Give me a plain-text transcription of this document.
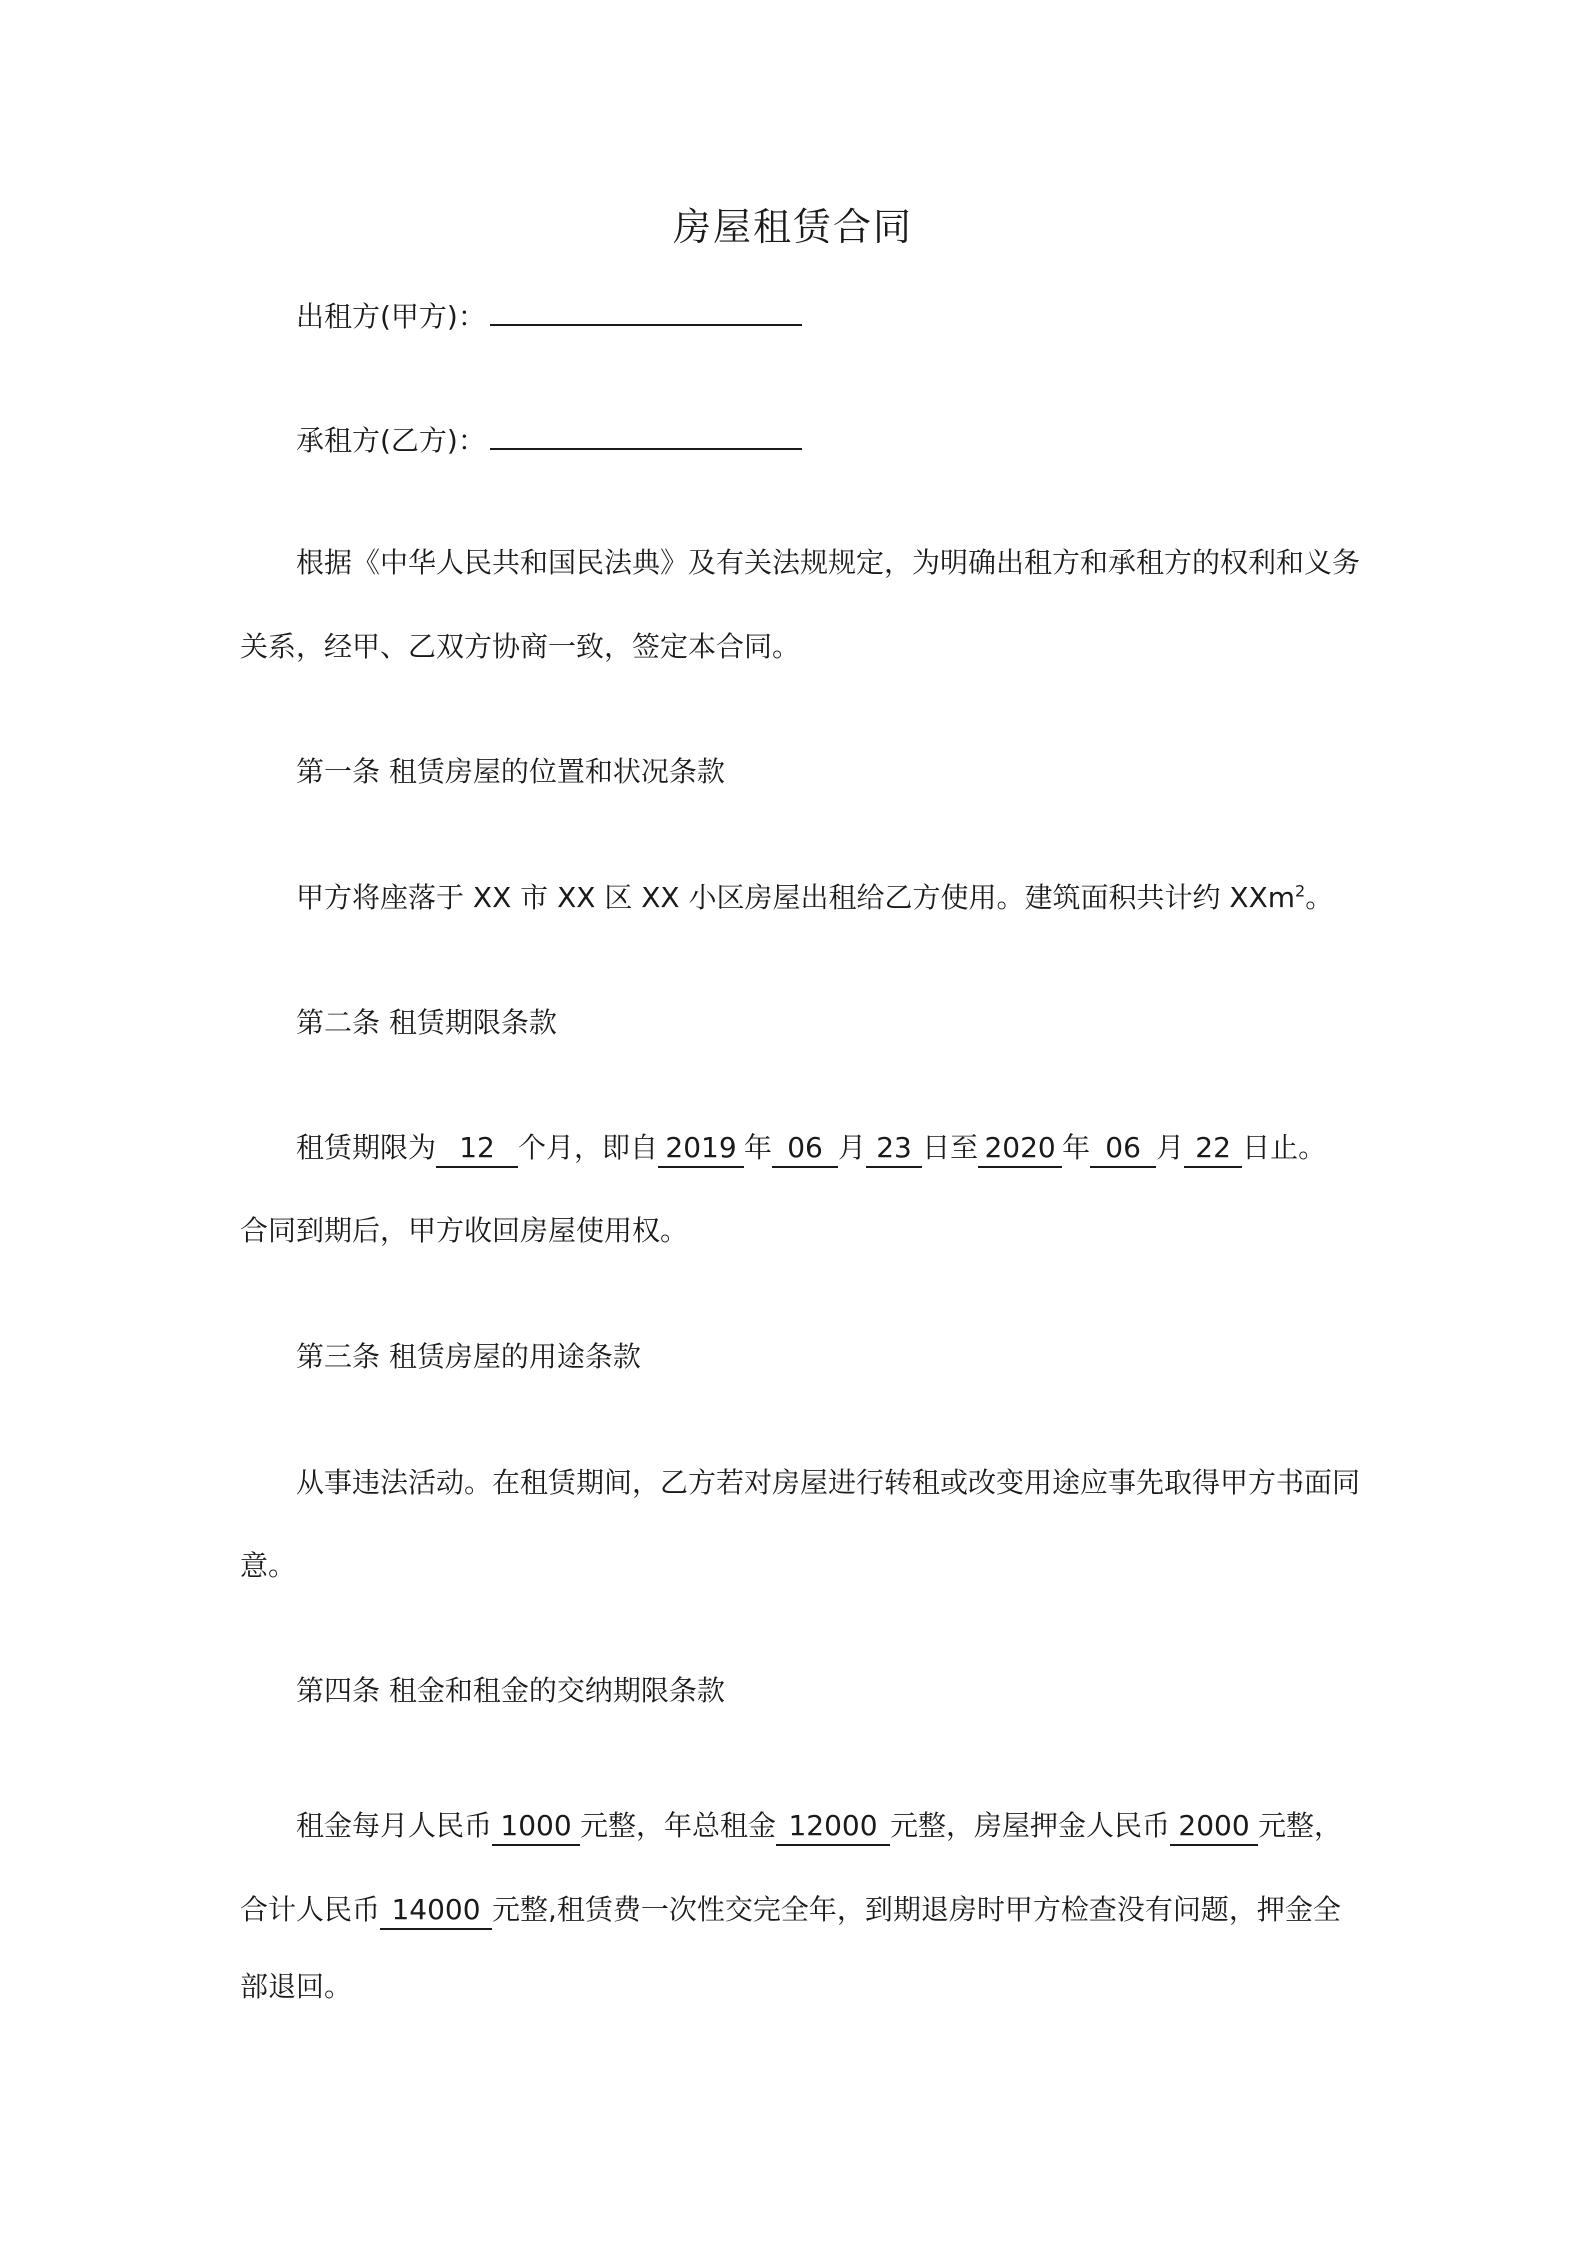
房屋租赁合同
出租方(甲方)：
承租方(乙方)：
根据《中华人民共和国民法典》及有关法规规定，为明确出租方和承租方的权利和义务
关系，经甲、乙双方协商一致，签定本合同。
第一条 租赁房屋的位置和状况条款
甲方将座落于 XX 市 XX 区 XX 小区房屋出租给乙方使用。建筑面积共计约 XXm$^2$。
第二条 租赁期限条款
租赁期限为 12 个月，即自 2019 年 06 月 23 日至 2020 年 06 月 22 日止。
合同到期后，甲方收回房屋使用权。
第三条 租赁房屋的用途条款
从事违法活动。在租赁期间，乙方若对房屋进行转租或改变用途应事先取得甲方书面同
意。
第四条 租金和租金的交纳期限条款
租金每月人民币 1000 元整，年总租金 12000 元整，房屋押金人民币 2000 元整，
合计人民币 14000 元整,租赁费一次性交完全年，到期退房时甲方检查没有问题，押金全
部退回。
